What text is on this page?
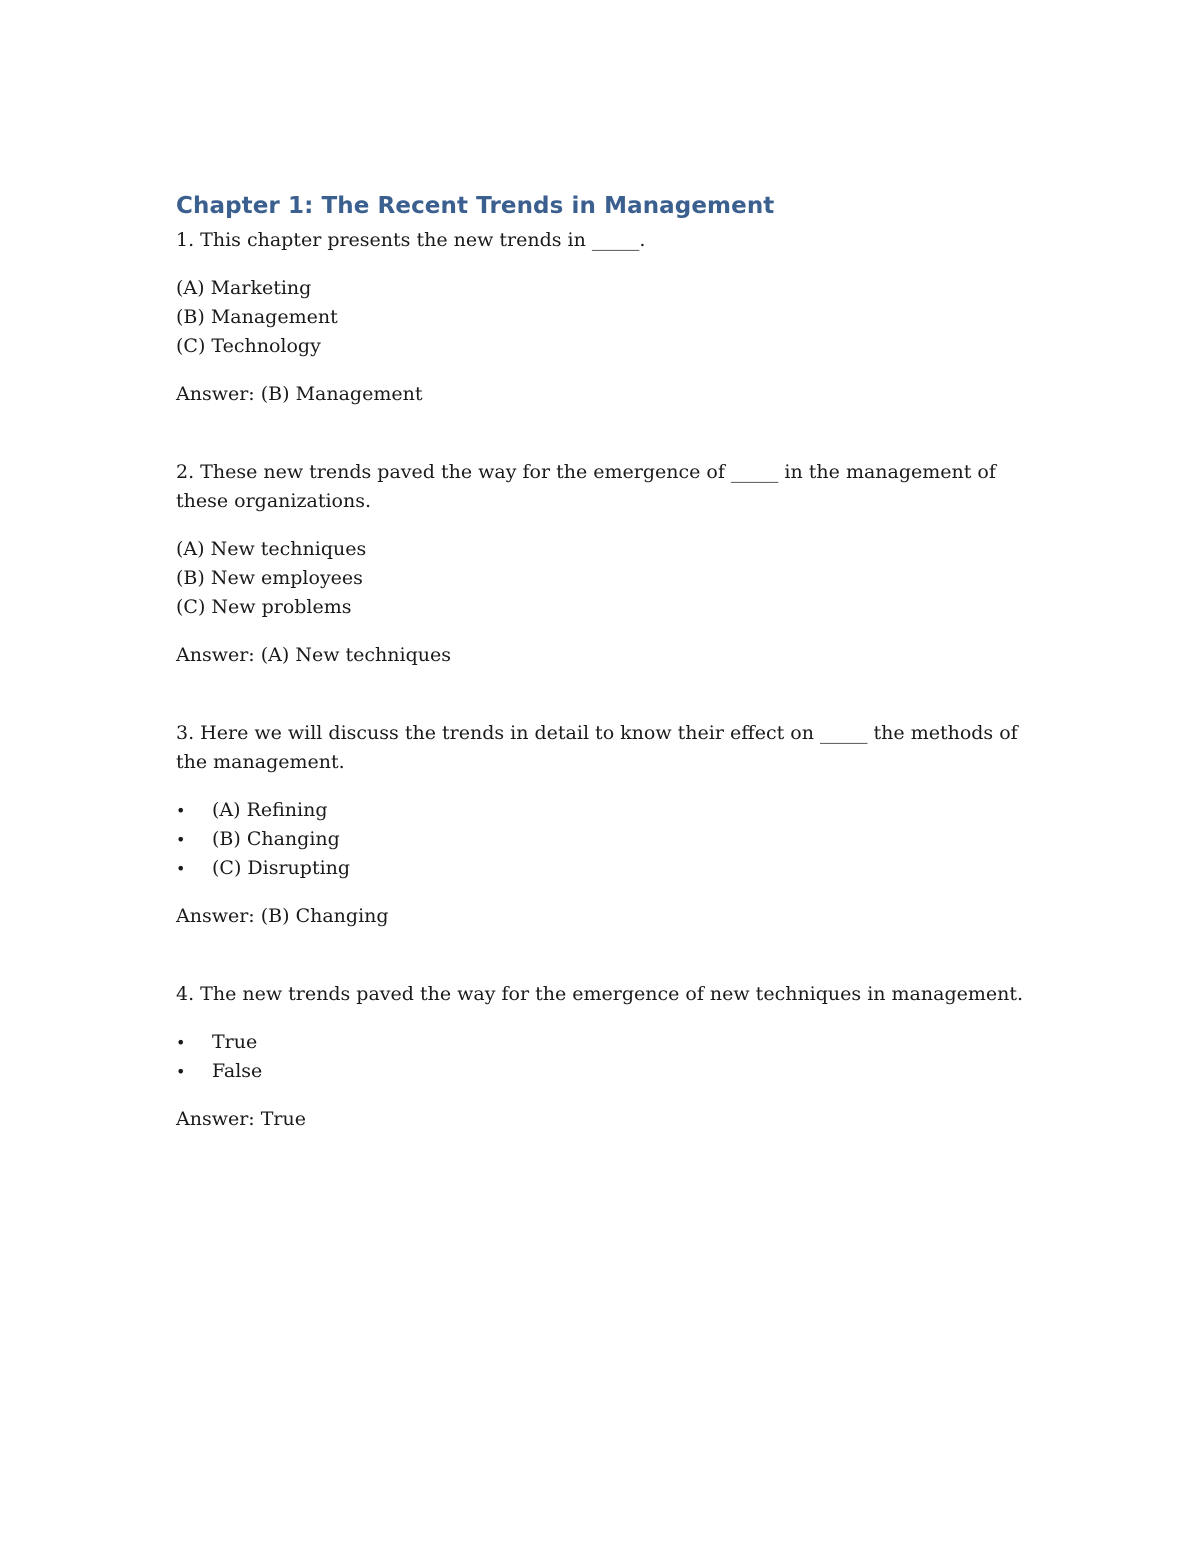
Chapter 1: The Recent Trends in Management

1. This chapter presents the new trends in _____.

(A) Marketing
(B) Management
(C) Technology

Answer: (B) Management

2. These new trends paved the way for the emergence of _____ in the management of these organizations.

(A) New techniques
(B) New employees
(C) New problems

Answer: (A) New techniques

3. Here we will discuss the trends in detail to know their effect on _____ the methods of the management.

• (A) Refining
• (B) Changing
• (C) Disrupting

Answer: (B) Changing

4. The new trends paved the way for the emergence of new techniques in management.

• True
• False

Answer: True
